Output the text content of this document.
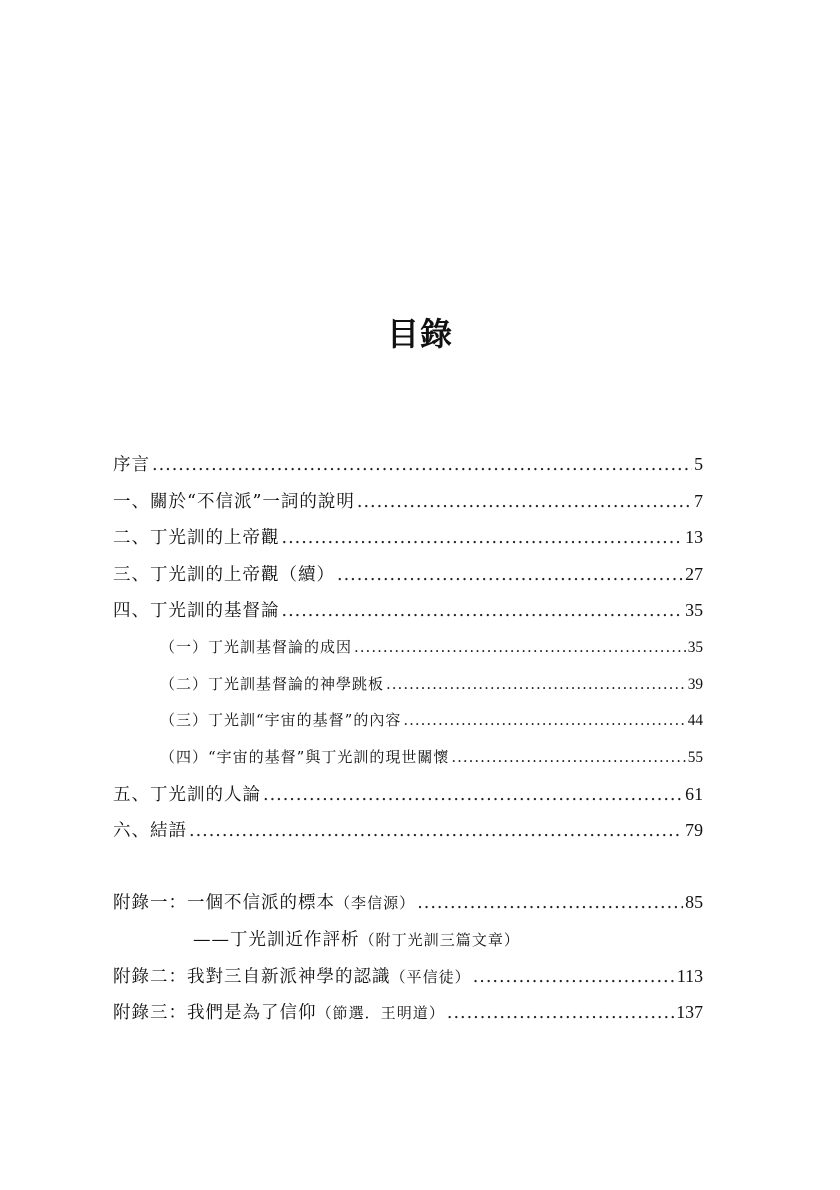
目錄
序言 .....	5
一、關於“不信派”一詞的說明 .....	7
二、丁光訓的上帝觀 .....	13
三、丁光訓的上帝觀（續） .....	27
四、丁光訓的基督論 .....	35
（一）丁光訓基督論的成因 .....	35
（二）丁光訓基督論的神學跳板 .....	39
（三）丁光訓“宇宙的基督”的內容 .....	44
（四）“宇宙的基督”與丁光訓的現世關懷 .....	55
五、丁光訓的人論 .....	61
六、結語 .....	79
附錄一：一個不信派的標本（李信源） .....	85
——丁光訓近作評析（附丁光訓三篇文章）
附錄二：我對三自新派神學的認識（平信徒） .....	113
附錄三：我們是為了信仰（節選．王明道） .....	137
